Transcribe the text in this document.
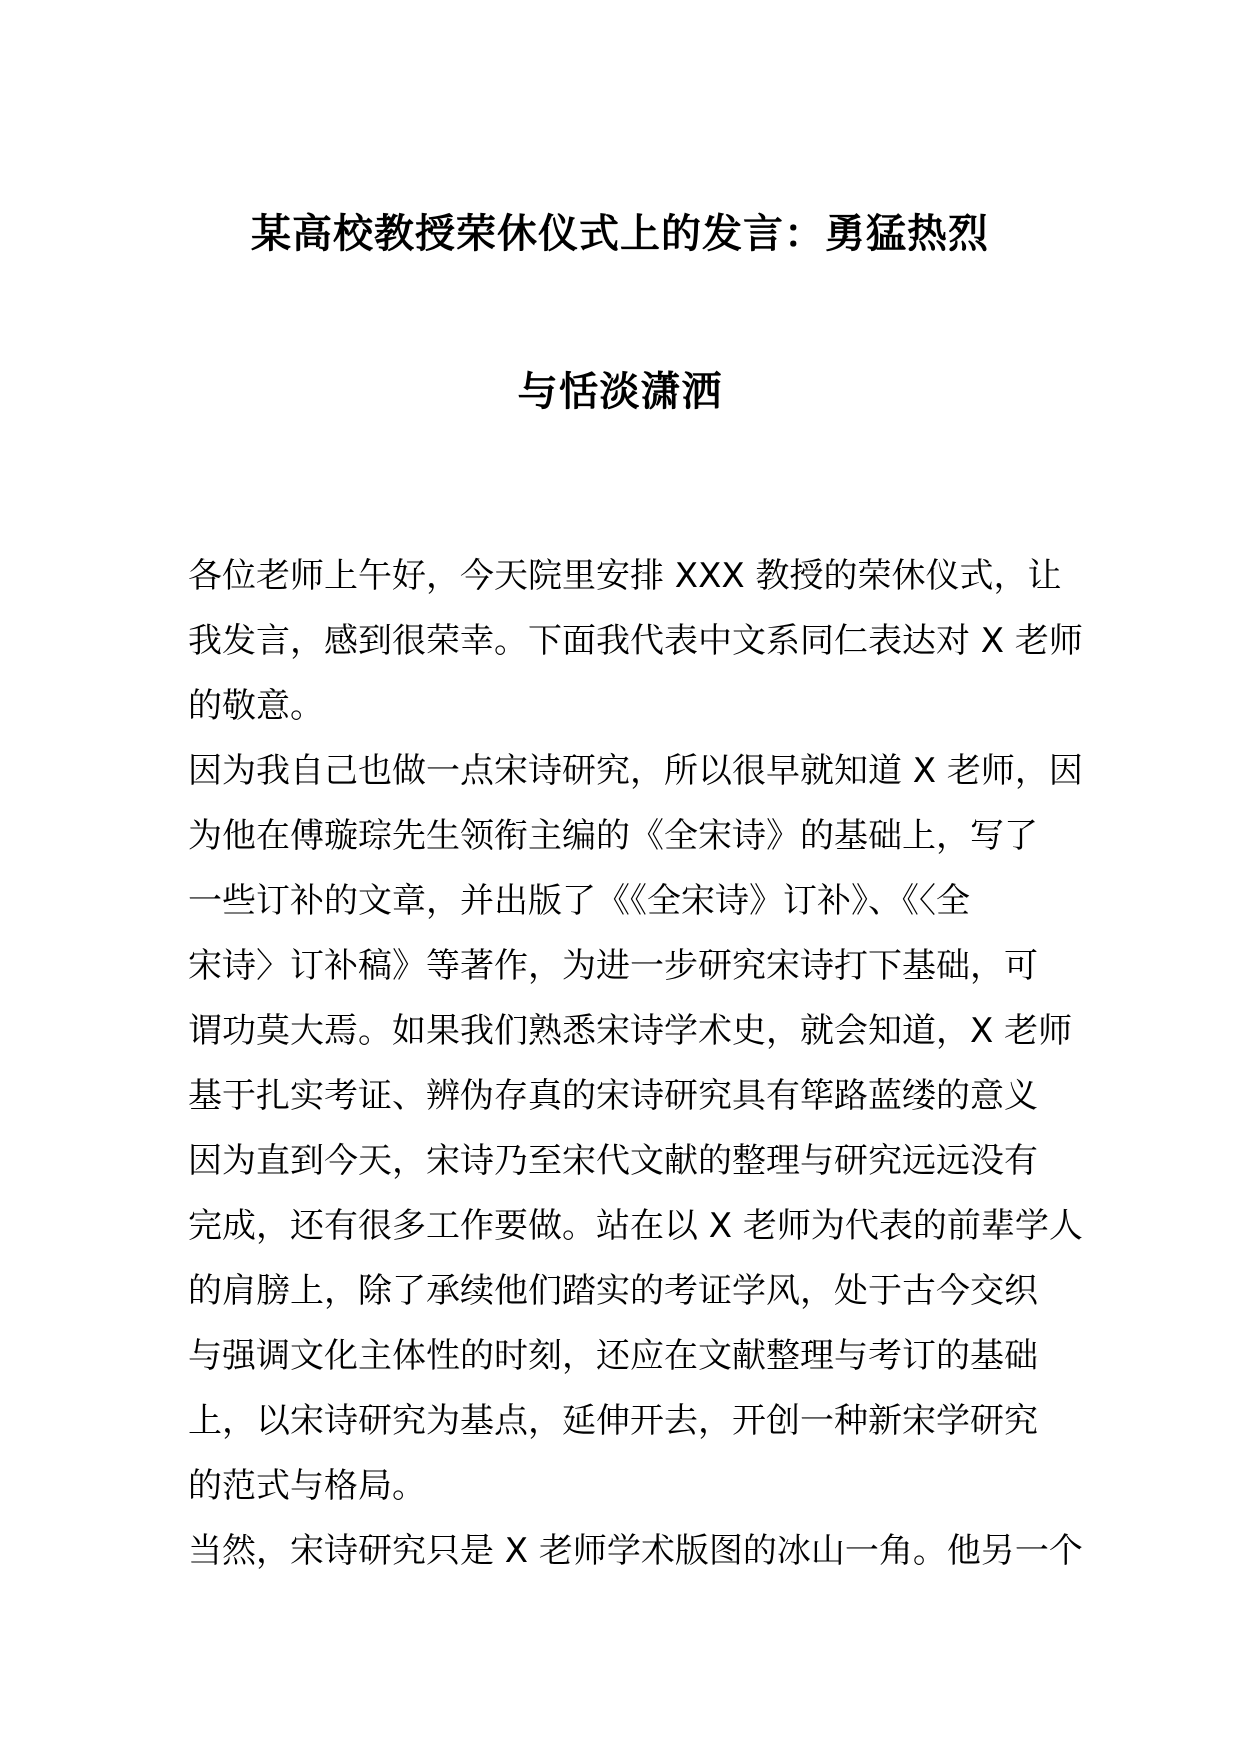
某高校教授荣休仪式上的发言：勇猛热烈
与恬淡潇洒
各位老师上午好，今天院里安排 XXX 教授的荣休仪式，让
我发言，感到很荣幸。下面我代表中文系同仁表达对 X 老师
的敬意。
因为我自己也做一点宋诗研究，所以很早就知道 X 老师，因
为他在傅璇琮先生领衔主编的《全宋诗》的基础上，写了
一些订补的文章，并出版了《《全宋诗》订补》、《〈全
宋诗〉订补稿》等著作，为进一步研究宋诗打下基础，可
谓功莫大焉。如果我们熟悉宋诗学术史，就会知道，X 老师
基于扎实考证、辨伪存真的宋诗研究具有筚路蓝缕的意义
因为直到今天，宋诗乃至宋代文献的整理与研究远远没有
完成，还有很多工作要做。站在以 X 老师为代表的前辈学人
的肩膀上，除了承续他们踏实的考证学风，处于古今交织
与强调文化主体性的时刻，还应在文献整理与考订的基础
上，以宋诗研究为基点，延伸开去，开创一种新宋学研究
的范式与格局。
当然，宋诗研究只是 X 老师学术版图的冰山一角。他另一个
